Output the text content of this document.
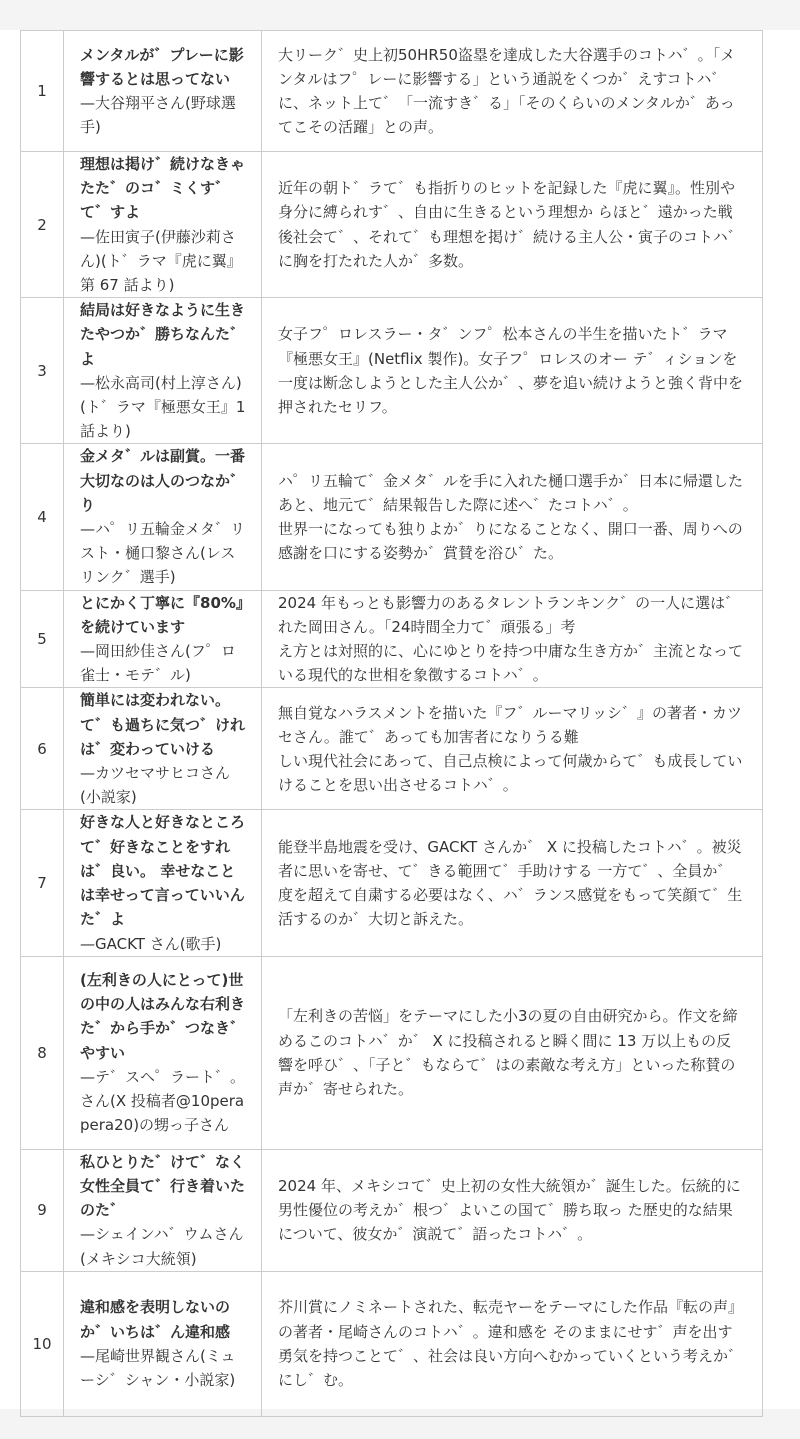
1	メンタルが゛プレーに影響するとは思ってない
—大谷翔平さん(野球選手)	大リーク゛史上初50HR50盗塁を達成した大谷選手のコトハ゛。「メンタルはフ゜レーに影響する」という通説をくつか゛えすコトハ゛に、ネット上て゛「一流すき゛る」「そのくらいのメンタルか゛あってこその活躍」との声。

2	理想は掲け゛続けなきゃたた゛のコ゛ミくす゛て゛すよ
—佐田寅子(伊藤沙莉さん)(ト゛ラマ『虎に翼』第 67 話より)	近年の朝ト゛ラて゛も指折りのヒットを記録した『虎に翼』。性別や身分に縛られす゛、自由に生きるという理想か らほと゛遠かった戦後社会て゛、それて゛も理想を掲け゛続ける主人公・寅子のコトハ゛に胸を打たれた人か゛多数。

3	結局は好きなように生きたやつか゛勝ちなんた゛よ
—松永高司(村上淳さん)(ト゛ラマ『極悪女王』1話より)	女子フ゜ロレスラー・タ゛ンフ゜松本さんの半生を描いたト゛ラマ『極悪女王』(Netflix 製作)。女子フ゜ロレスのオー テ゛ィションを一度は断念しようとした主人公か゛、夢を追い続けようと強く背中を押されたセリフ。

4	金メタ゛ルは副賞。一番大切なのは人のつなか゛り
—ハ゜リ五輪金メタ゛リスト・樋口黎さん(レスリンク゛選手)	ハ゜リ五輪て゛金メタ゛ルを手に入れた樋口選手か゛日本に帰還したあと、地元て゛結果報告した際に述へ゛たコトハ゛。
世界一になっても独りよか゛りになることなく、開口一番、周りへの感謝を口にする姿勢か゛賞賛を浴ひ゛た。

5	とにかく丁寧に『80%』を続けています
—岡田紗佳さん(フ゜ロ雀士・モテ゛ル)	2024 年もっとも影響力のあるタレントランキンク゛の一人に選は゛れた岡田さん。「24時間全力て゛頑張る」考
え方とは対照的に、心にゆとりを持つ中庸な生き方か゛主流となっている現代的な世相を象徴するコトハ゛。

6	簡単には変われない。て゛も過ちに気つ゛けれは゛変わっていける
—カツセマサヒコさん(小説家)	無自覚なハラスメントを描いた『フ゛ルーマリッシ゛』の著者・カツセさん。誰て゛あっても加害者になりうる難
しい現代社会にあって、自己点検によって何歳からて゛も成長していけることを思い出させるコトハ゛。

7	好きな人と好きなところて゛好きなことをすれは゛良い。 幸せなことは幸せって言っていいんた゛よ
—GACKT さん(歌手)	能登半島地震を受け、GACKT さんか゛ X に投稿したコトハ゛。被災者に思いを寄せ、て゛きる範囲て゛手助けする 一方て゛、全員か゛度を超えて自粛する必要はなく、ハ゛ランス感覚をもって笑顔て゛生活するのか゛大切と訴えた。

8	(左利きの人にとって)世の中の人はみんな右利きた゛から手か゛つなき゛やすい
—テ゛スヘ゜ラート゛。さん(X 投稿者@10perapera20)の甥っ子さん	「左利きの苦悩」をテーマにした小3の夏の自由研究から。作文を締めるこのコトハ゛か゛ X に投稿されると瞬く間に 13 万以上もの反響を呼ひ゛、「子と゛もならて゛はの素敵な考え方」といった称賛の声か゛寄せられた。

9	私ひとりた゛けて゛なく女性全員て゛行き着いたのた゛
—シェインハ゛ウムさん(メキシコ大統領)	2024 年、メキシコて゛史上初の女性大統領か゛誕生した。伝統的に男性優位の考えか゛根つ゛よいこの国て゛勝ち取っ た歴史的な結果について、彼女か゛演説て゛語ったコトハ゛。

10	違和感を表明しないのか゛いちは゛ん違和感
—尾崎世界観さん(ミューシ゛シャン・小説家)	芥川賞にノミネートされた、転売ヤーをテーマにした作品『転の声』の著者・尾崎さんのコトハ゛。違和感を そのままにせす゛声を出す勇気を持つことて゛、社会は良い方向へむかっていくという考えか゛にし゛む。
